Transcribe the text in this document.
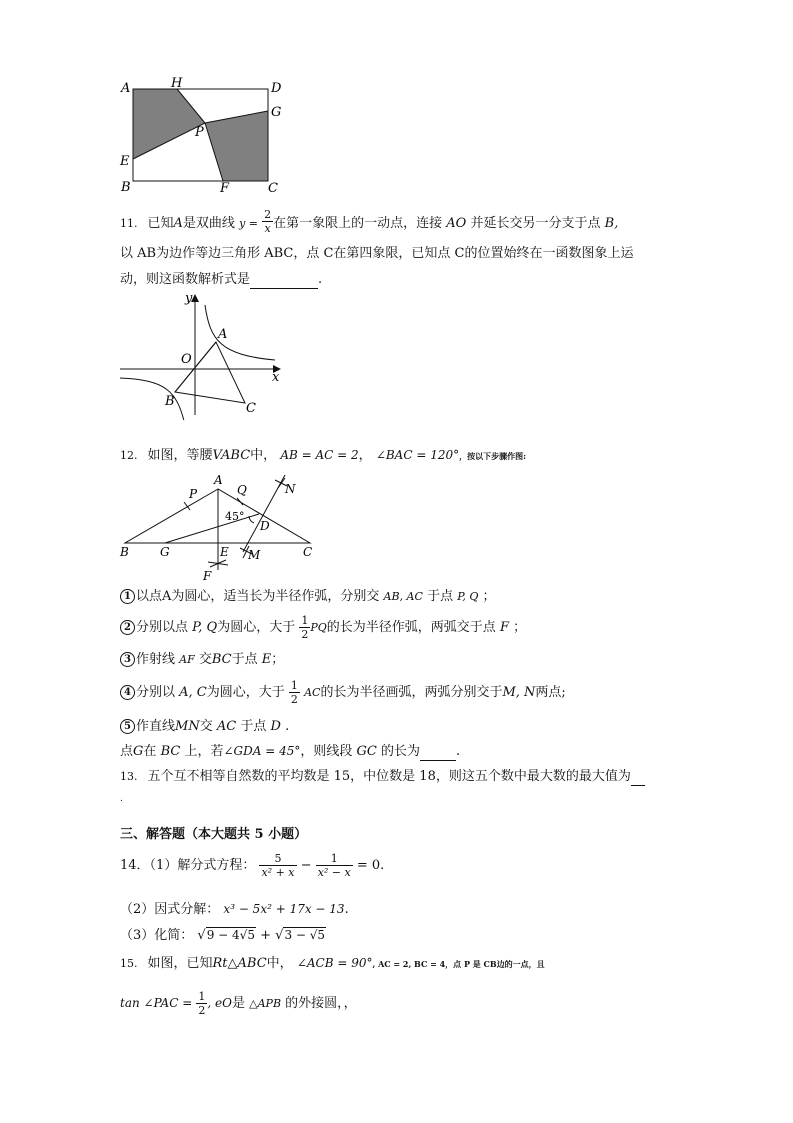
A	H	D
G
P
E
B	F	C
11. 已知A是双曲线 $y = \frac{2}{x}$ 在第一象限上的一动点，连接 AO 并延长交另一分支于点 B,
以 AB为边作等边三角形 ABC，点 C在第四象限，已知点 C的位置始终在一函数图象上运
动，则这函数解析式是	.
y
A
O
x
B	C
12. 如图，等腰VABC中， AB = AC = 2， ∠BAC = 120°，按以下步骤作图:
A
P	Q	N
45°
D
B	G	E M	C
F
1 以点A为圆心，适当长为半径作弧，分别交 AB, AC 于点 P, Q ；
2 分别以点 P, Q为圆心，大于 $\frac{1}{2}$ PQ的长为半径作弧，两弧交于点 F ；
3 作射线 AF 交BC于点 E；
4 分别以 A, C为圆心，大于 $\frac{1}{2}$ AC的长为半径画弧，两弧分别交于M, N两点;
5 作直线MN交 AC 于点 D .
点G在 BC 上，若∠GDA = 45°，则线段 GC 的长为	.
13. 五个互不相等自然数的平均数是 15，中位数是 18，则这五个数中最大数的最大值为
.
三、解答题（本大题共 5 小题）
14．（1）解分式方程： $\frac{5}{\text{x² + x}} - \frac{1}{\text{x² − x}} = 0$.
（2）因式分解： x³ − 5x² + 17x − 13.
（3）化简： √9 − 4√5 + √3 − √5
15. 如图，已知Rt△ABC中， ∠ACB = 90°, AC = 2, BC = 4，点 P 是 CB边的一点，且
tan ∠PAC = $\frac{1}{2}$ , eO是 △APB 的外接圆，，
